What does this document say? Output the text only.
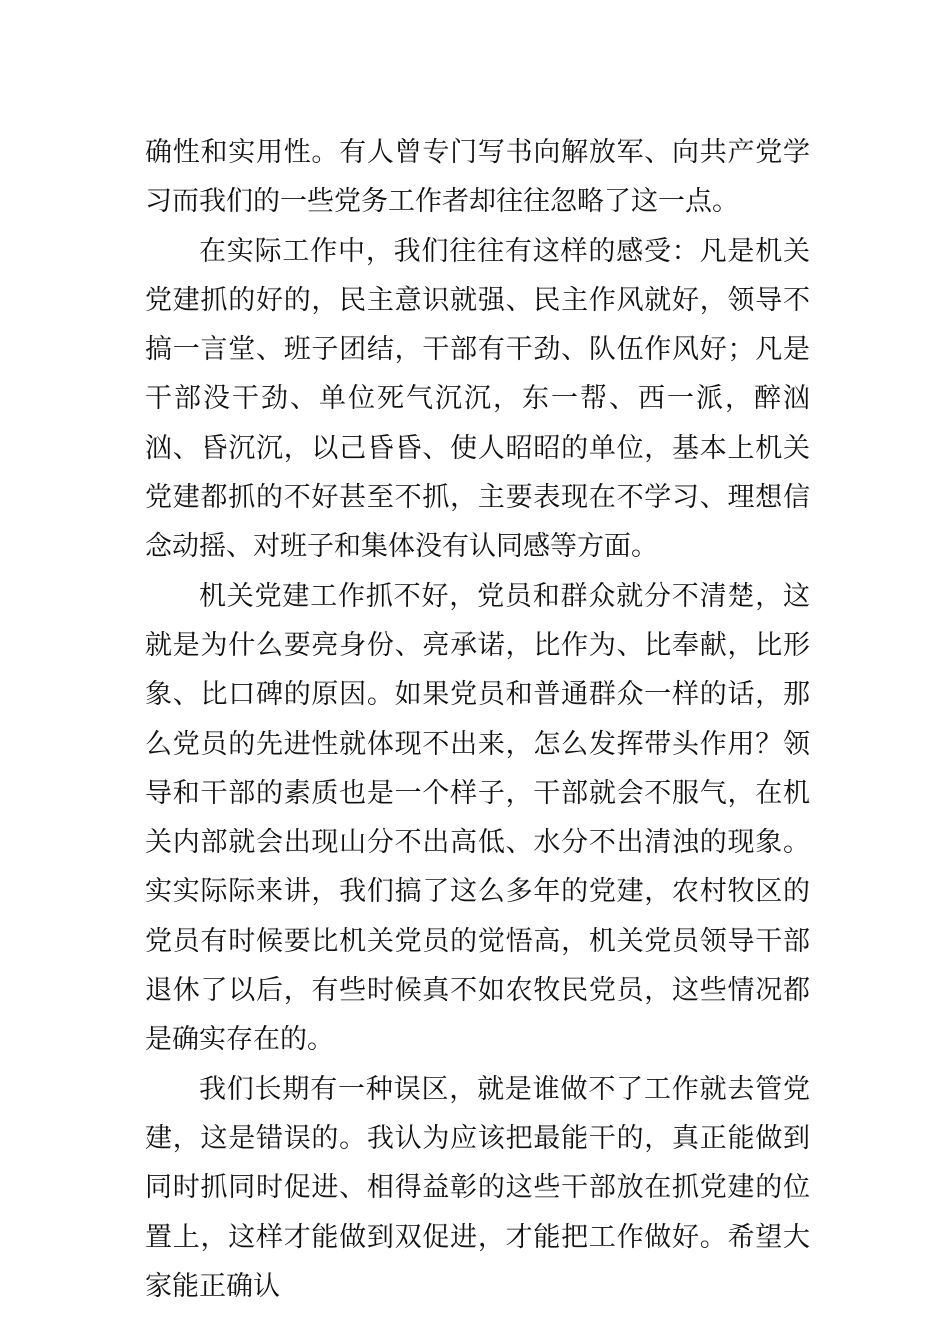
确性和实用性。有人曾专门写书向解放军、向共产党学习而我们的一些党务工作者却往往忽略了这一点。

在实际工作中，我们往往有这样的感受：凡是机关党建抓的好的，民主意识就强、民主作风就好，领导不搞一言堂、班子团结，干部有干劲、队伍作风好；凡是干部没干劲、单位死气沉沉，东一帮、西一派，醉汹汹、昏沉沉，以己昏昏、使人昭昭的单位，基本上机关党建都抓的不好甚至不抓，主要表现在不学习、理想信念动摇、对班子和集体没有认同感等方面。

机关党建工作抓不好，党员和群众就分不清楚，这就是为什么要亮身份、亮承诺，比作为、比奉献，比形象、比口碑的原因。如果党员和普通群众一样的话，那么党员的先进性就体现不出来，怎么发挥带头作用？领导和干部的素质也是一个样子，干部就会不服气，在机关内部就会出现山分不出高低、水分不出清浊的现象。实实际际来讲，我们搞了这么多年的党建，农村牧区的党员有时候要比机关党员的觉悟高，机关党员领导干部退休了以后，有些时候真不如农牧民党员，这些情况都是确实存在的。

我们长期有一种误区，就是谁做不了工作就去管党建，这是错误的。我认为应该把最能干的，真正能做到同时抓同时促进、相得益彰的这些干部放在抓党建的位置上，这样才能做到双促进，才能把工作做好。希望大家能正确认
